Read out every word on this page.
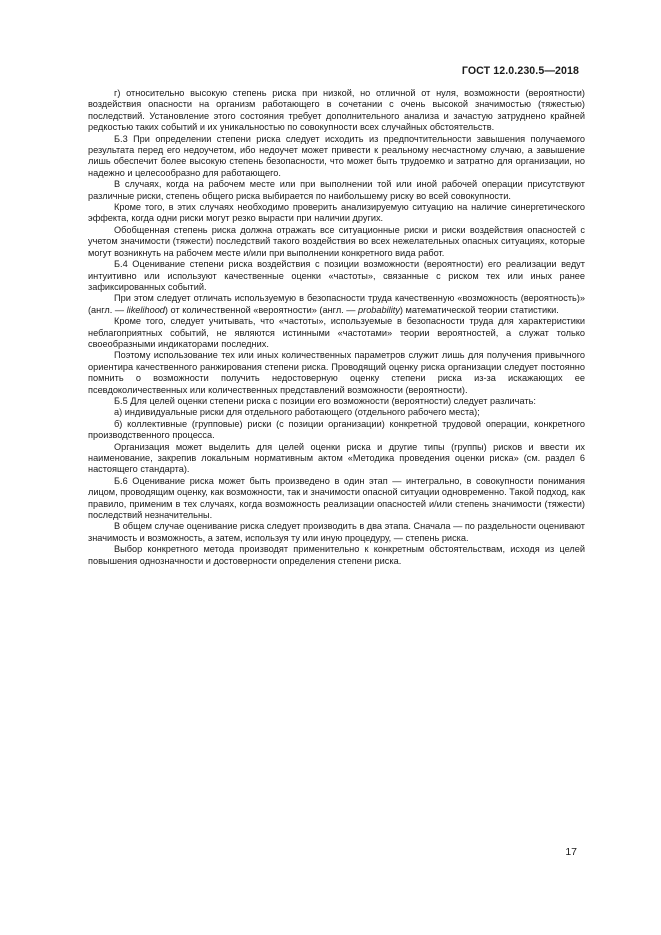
ГОСТ 12.0.230.5—2018

г) относительно высокую степень риска при низкой, но отличной от нуля, возможности (вероятности) воздействия опасности на организм работающего в сочетании с очень высокой значимостью (тяжестью) последствий. Установление этого состояния требует дополнительного анализа и зачастую затруднено крайней редкостью таких событий и их уникальностью по совокупности всех случайных обстоятельств.

Б.3 При определении степени риска следует исходить из предпочтительности завышения получаемого результата перед его недоучетом, ибо недоучет может привести к реальному несчастному случаю, а завышение лишь обеспечит более высокую степень безопасности, что может быть трудоемко и затратно для организации, но надежно и целесообразно для работающего.

В случаях, когда на рабочем месте или при выполнении той или иной рабочей операции присутствуют различные риски, степень общего риска выбирается по наибольшему риску во всей совокупности.

Кроме того, в этих случаях необходимо проверить анализируемую ситуацию на наличие синергетического эффекта, когда одни риски могут резко вырасти при наличии других.

Обобщенная степень риска должна отражать все ситуационные риски и риски воздействия опасностей с учетом значимости (тяжести) последствий такого воздействия во всех нежелательных опасных ситуациях, которые могут возникнуть на рабочем месте и/или при выполнении конкретного вида работ.

Б.4 Оценивание степени риска воздействия с позиции возможности (вероятности) его реализации ведут интуитивно или используют качественные оценки «частоты», связанные с риском тех или иных ранее зафиксированных событий.

При этом следует отличать используемую в безопасности труда качественную «возможность (вероятность)» (англ. — likelihood) от количественной «вероятности» (англ. — probability) математической теории статистики.

Кроме того, следует учитывать, что «частоты», используемые в безопасности труда для характеристики неблагоприятных событий, не являются истинными «частотами» теории вероятностей, а служат только своеобразными индикаторами последних.

Поэтому использование тех или иных количественных параметров служит лишь для получения привычного ориентира качественного ранжирования степени риска. Проводящий оценку риска организации следует постоянно помнить о возможности получить недостоверную оценку степени риска из-за искажающих ее псевдоколичественных или количественных представлений возможности (вероятности).

Б.5 Для целей оценки степени риска с позиции его возможности (вероятности) следует различать:

а) индивидуальные риски для отдельного работающего (отдельного рабочего места);

б) коллективные (групповые) риски (с позиции организации) конкретной трудовой операции, конкретного производственного процесса.

Организация может выделить для целей оценки риска и другие типы (группы) рисков и ввести их наименование, закрепив локальным нормативным актом «Методика проведения оценки риска» (см. раздел 6 настоящего стандарта).

Б.6 Оценивание риска может быть произведено в один этап — интегрально, в совокупности понимания лицом, проводящим оценку, как возможности, так и значимости опасной ситуации одновременно. Такой подход, как правило, применим в тех случаях, когда возможность реализации опасностей и/или степень значимости (тяжести) последствий незначительны.

В общем случае оценивание риска следует производить в два этапа. Сначала — по раздельности оценивают значимость и возможность, а затем, используя ту или иную процедуру, — степень риска.

Выбор конкретного метода производят применительно к конкретным обстоятельствам, исходя из целей повышения однозначности и достоверности определения степени риска.

17
